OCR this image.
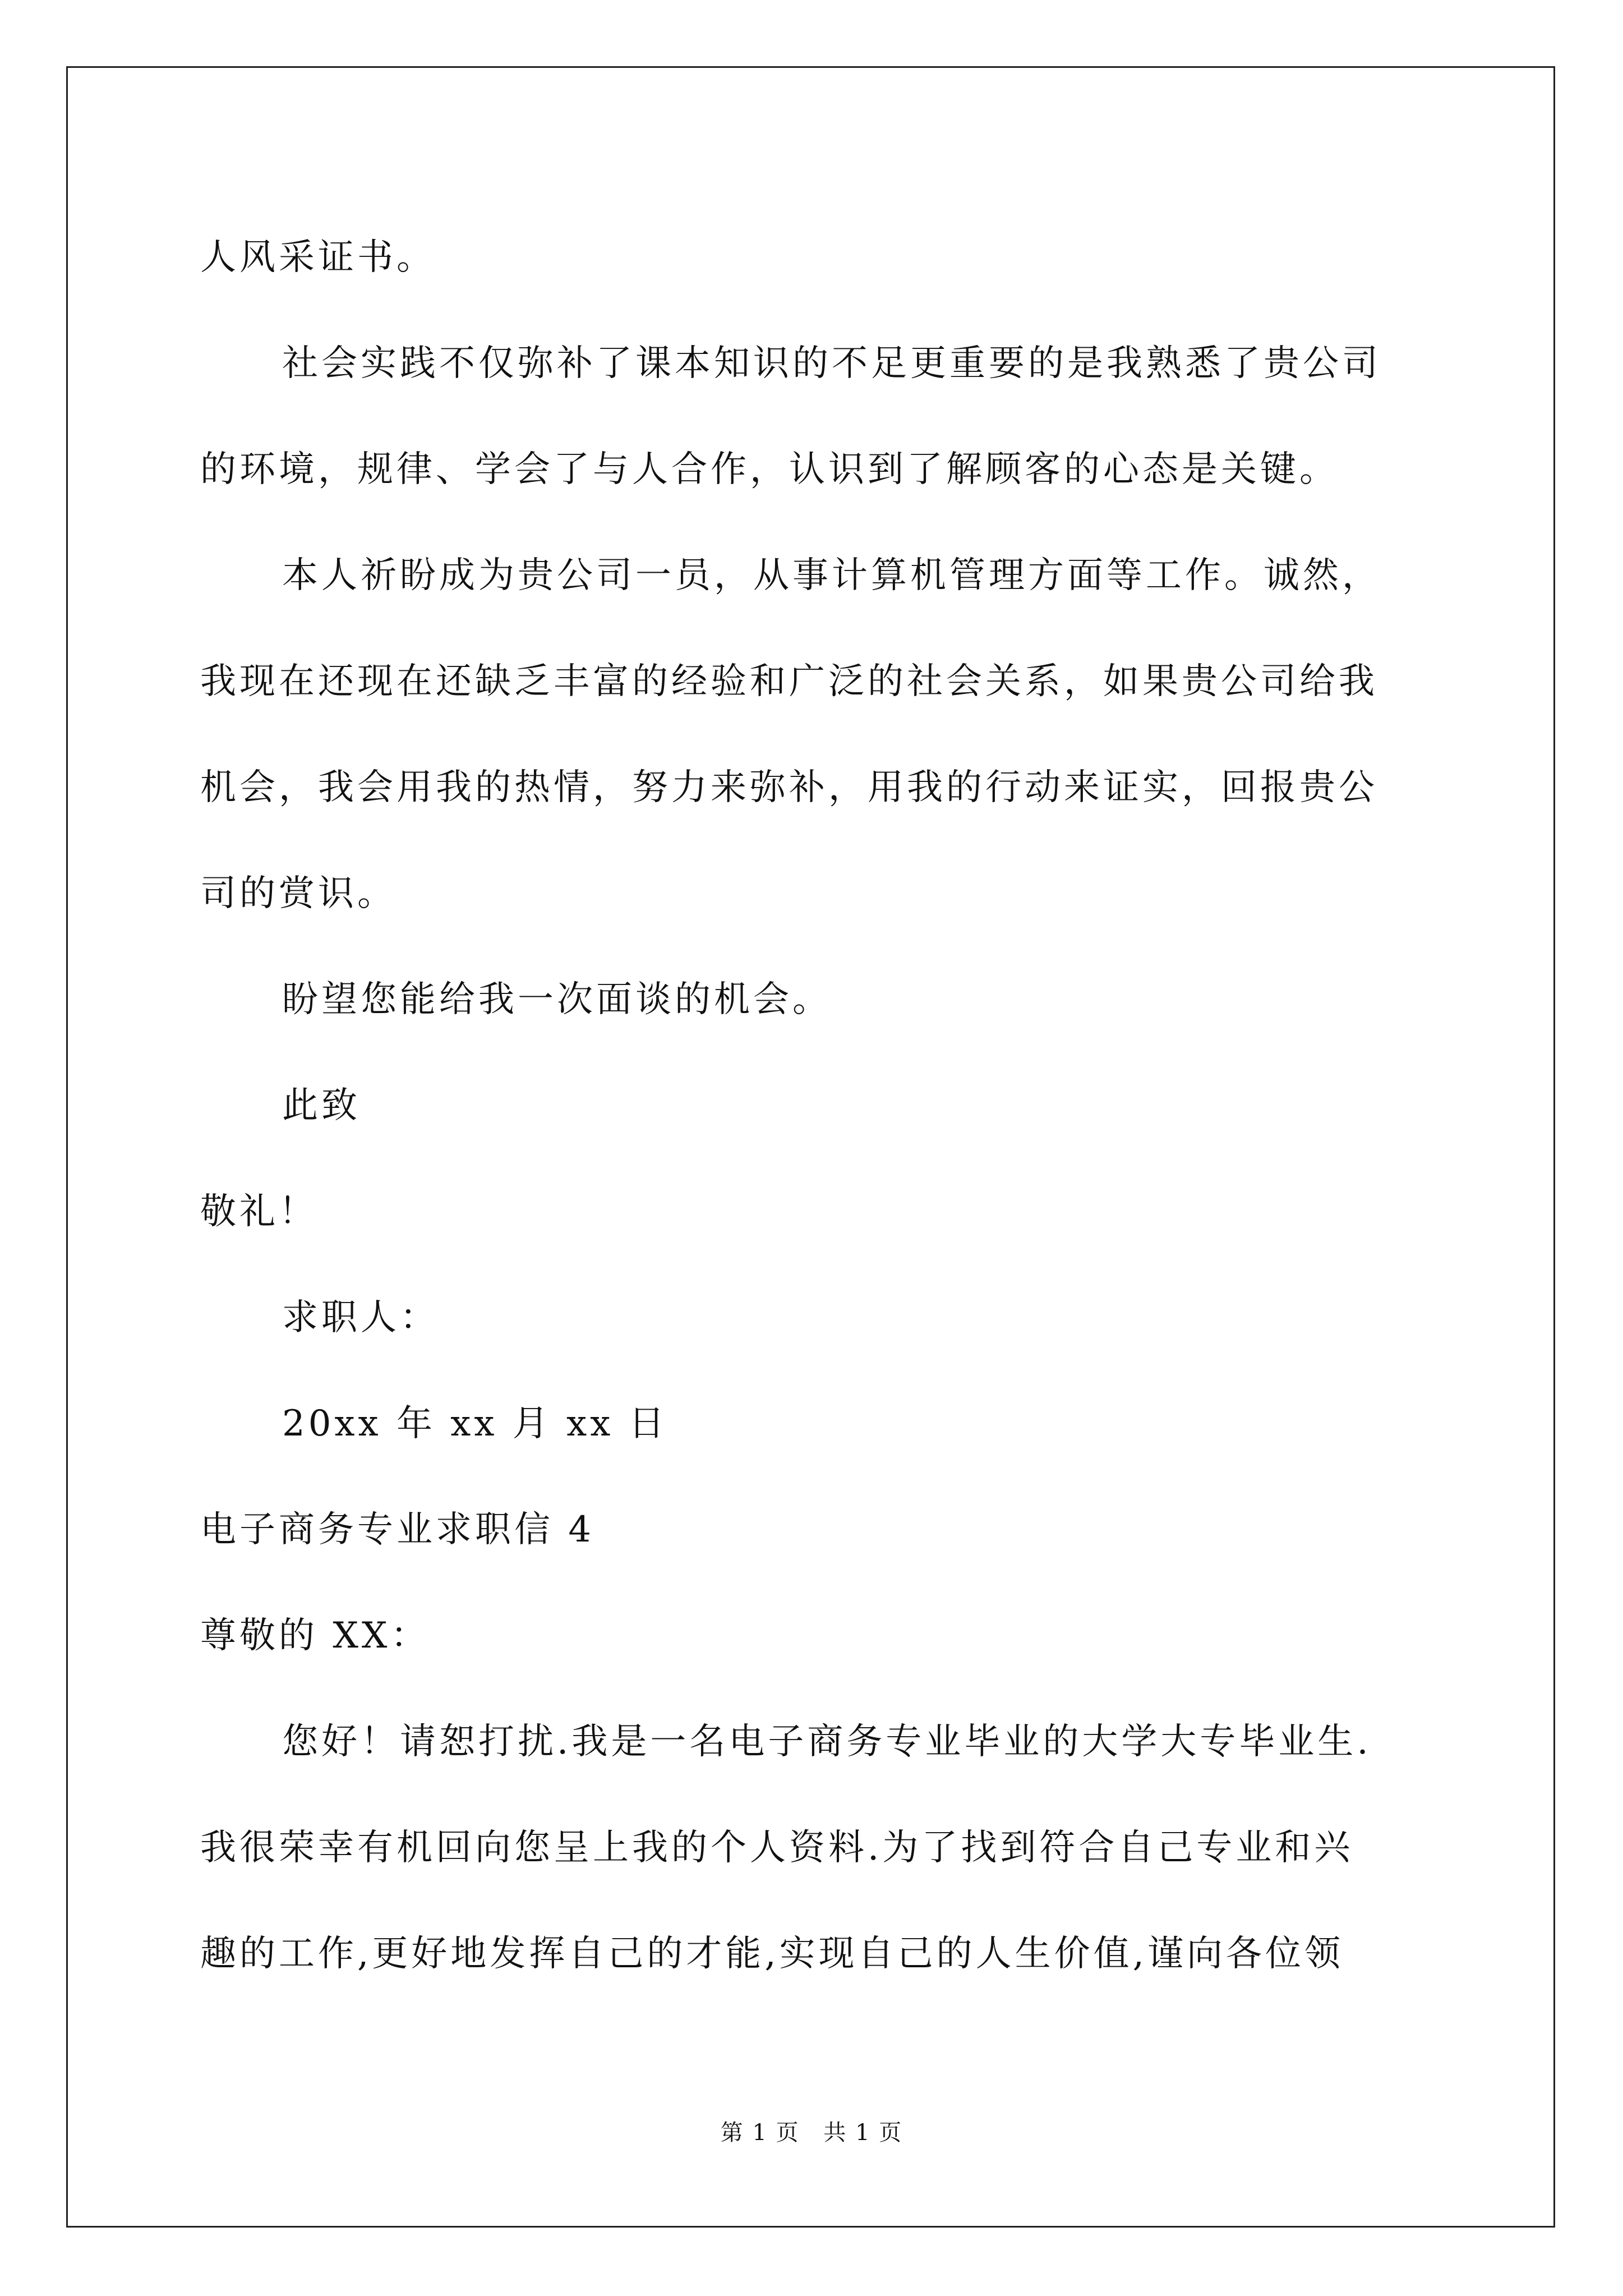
人风采证书。
社会实践不仅弥补了课本知识的不足更重要的是我熟悉了贵公司
的环境，规律、学会了与人合作，认识到了解顾客的心态是关键。
本人祈盼成为贵公司一员，从事计算机管理方面等工作。诚然，
我现在还现在还缺乏丰富的经验和广泛的社会关系，如果贵公司给我
机会，我会用我的热情，努力来弥补，用我的行动来证实，回报贵公
司的赏识。
盼望您能给我一次面谈的机会。
此致
敬礼！
求职人：
20xx 年 xx 月 xx 日
电子商务专业求职信 4
尊敬的 XX：
您好！请恕打扰.我是一名电子商务专业毕业的大学大专毕业生.
我很荣幸有机回向您呈上我的个人资料.为了找到符合自己专业和兴
趣的工作,更好地发挥自己的才能,实现自己的人生价值,谨向各位领
第 1 页 共 1 页
